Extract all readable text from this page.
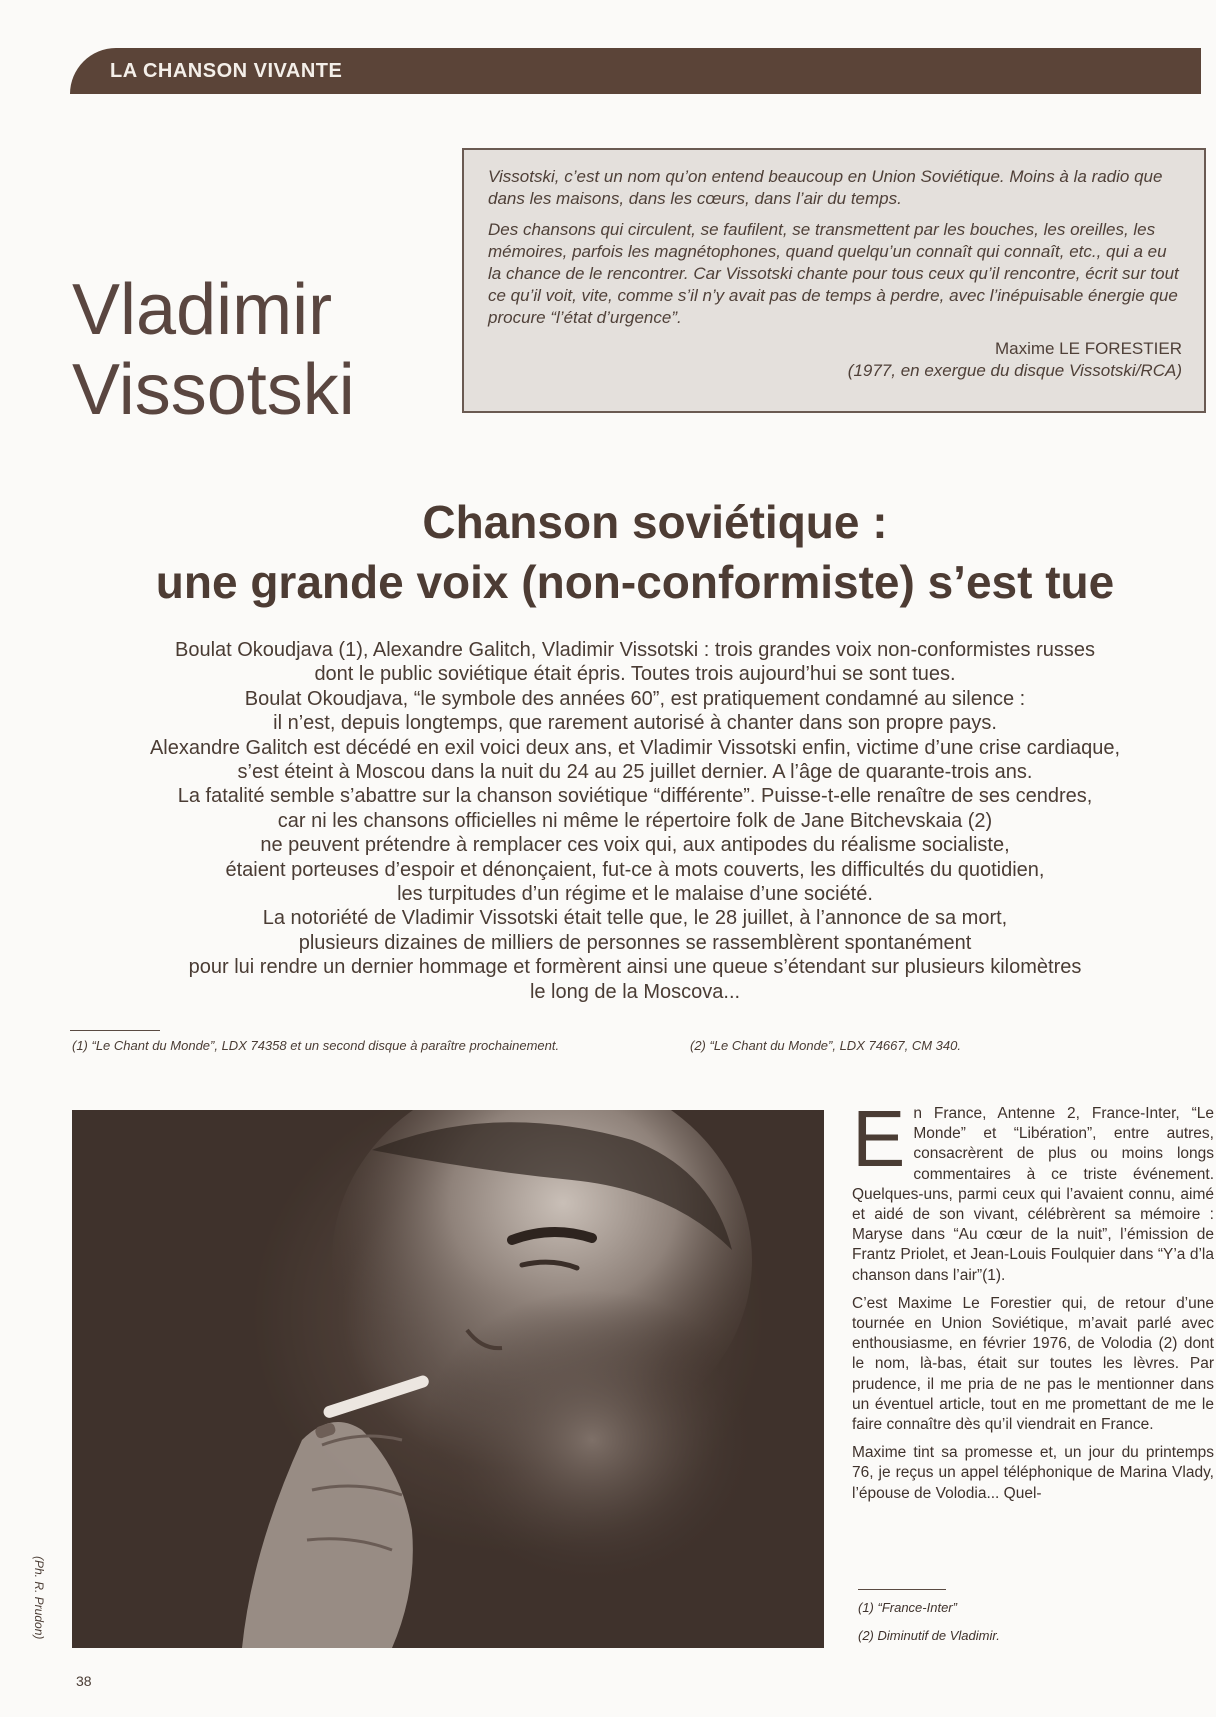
LA CHANSON VIVANTE
Vladimir
Vissotski

Vissotski, c’est un nom qu’on entend beaucoup en Union Soviétique. Moins à la radio que dans les maisons, dans les cœurs, dans l’air du temps.

Des chansons qui circulent, se faufilent, se transmettent par les bouches, les oreilles, les mémoires, parfois les magnétophones, quand quelqu’un connaît qui connaît, etc., qui a eu la chance de le rencontrer. Car Vissotski chante pour tous ceux qu’il rencontre, écrit sur tout ce qu’il voit, vite, comme s’il n’y avait pas de temps à perdre, avec l’inépuisable énergie que procure “l’état d’urgence”.

Maxime LE FORESTIER
(1977, en exergue du disque Vissotski/RCA)
Chanson soviétique :
une grande voix (non-conformiste) s’est tue
Boulat Okoudjava (1), Alexandre Galitch, Vladimir Vissotski : trois grandes voix non-conformistes russes
dont le public soviétique était épris. Toutes trois aujourd’hui se sont tues.
Boulat Okoudjava, “le symbole des années 60”, est pratiquement condamné au silence :
il n’est, depuis longtemps, que rarement autorisé à chanter dans son propre pays.
Alexandre Galitch est décédé en exil voici deux ans, et Vladimir Vissotski enfin, victime d’une crise cardiaque,
s’est éteint à Moscou dans la nuit du 24 au 25 juillet dernier. A l’âge de quarante-trois ans.
La fatalité semble s’abattre sur la chanson soviétique “différente”. Puisse-t-elle renaître de ses cendres,
car ni les chansons officielles ni même le répertoire folk de Jane Bitchevskaia (2)
ne peuvent prétendre à remplacer ces voix qui, aux antipodes du réalisme socialiste,
étaient porteuses d’espoir et dénonçaient, fut-ce à mots couverts, les difficultés du quotidien,
les turpitudes d’un régime et le malaise d’une société.
La notoriété de Vladimir Vissotski était telle que, le 28 juillet, à l’annonce de sa mort,
plusieurs dizaines de milliers de personnes se rassemblèrent spontanément
pour lui rendre un dernier hommage et formèrent ainsi une queue s’étendant sur plusieurs kilomètres
le long de la Moscova...
(1) “Le Chant du Monde”, LDX 74358 et un second disque à paraître prochainement.	(2) “Le Chant du Monde”, LDX 74667, CM 340.
(Ph. R. Prudon)

En France, Antenne 2, France-Inter, “Le Monde” et “Libération”, entre autres, consacrèrent de plus ou moins longs commentaires à ce triste événement. Quelques-uns, parmi ceux qui l’avaient connu, aimé et aidé de son vivant, célébrèrent sa mémoire : Maryse dans “Au cœur de la nuit”, l’émission de Frantz Priolet, et Jean-Louis Foulquier dans “Y’a d’la chanson dans l’air”(1).

C’est Maxime Le Forestier qui, de retour d’une tournée en Union Soviétique, m’avait parlé avec enthousiasme, en février 1976, de Volodia (2) dont le nom, là-bas, était sur toutes les lèvres. Par prudence, il me pria de ne pas le mentionner dans un éventuel article, tout en me promettant de me le faire connaître dès qu’il viendrait en France.

Maxime tint sa promesse et, un jour du printemps 76, je reçus un appel téléphonique de Marina Vlady, l’épouse de Volodia... Quel-

(1) “France-Inter”
(2) Diminutif de Vladimir.
38
